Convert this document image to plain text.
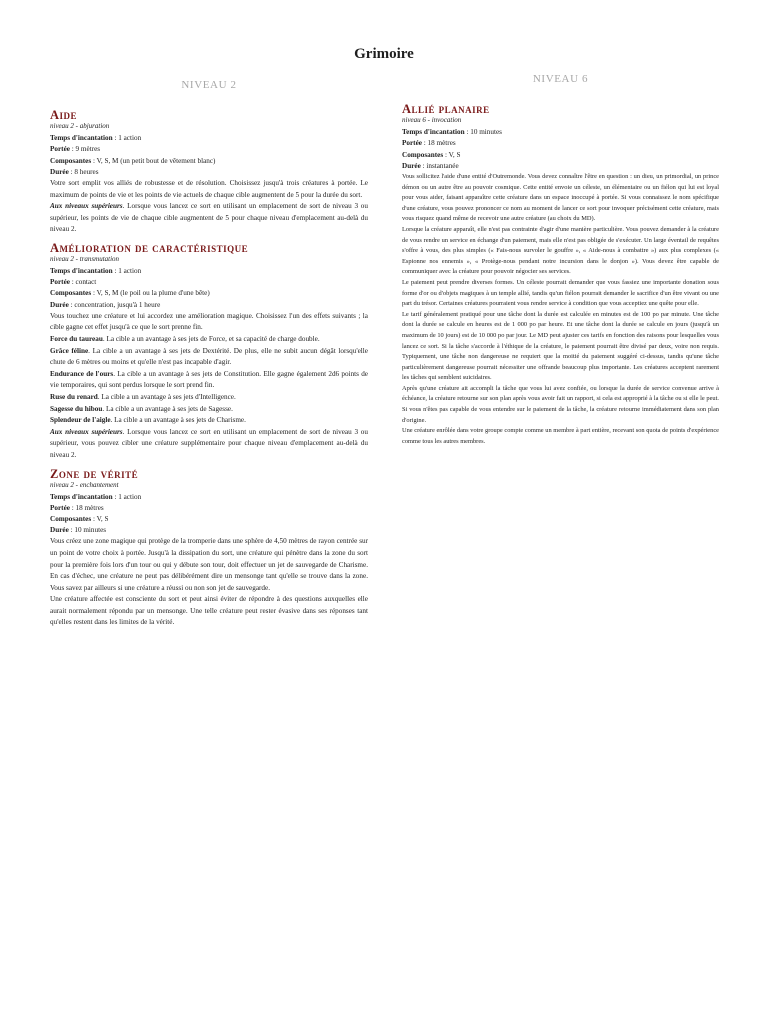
Grimoire
NIVEAU 2
Aide
niveau 2 - abjuration
Temps d'incantation : 1 action
Portée : 9 mètres
Composantes : V, S, M (un petit bout de vêtement blanc)
Durée : 8 heures

Votre sort emplit vos alliés de robustesse et de résolution. Choisissez jusqu'à trois créatures à portée. Le maximum de points de vie et les points de vie actuels de chaque cible augmentent de 5 pour la durée du sort.

Aux niveaux supérieurs. Lorsque vous lancez ce sort en utilisant un emplacement de sort de niveau 3 ou supérieur, les points de vie de chaque cible augmentent de 5 pour chaque niveau d'emplacement au-delà du niveau 2.

Amélioration de caractéristique
niveau 2 - transmutation
Temps d'incantation : 1 action
Portée : contact
Composantes : V, S, M (le poil ou la plume d'une bête)
Durée : concentration, jusqu'à 1 heure

Vous touchez une créature et lui accordez une amélioration magique. Choisissez l'un des effets suivants ; la cible gagne cet effet jusqu'à ce que le sort prenne fin.

Force du taureau. La cible a un avantage à ses jets de Force, et sa capacité de charge double.

Grâce féline. La cible a un avantage à ses jets de Dextérité. De plus, elle ne subit aucun dégât lorsqu'elle chute de 6 mètres ou moins et qu'elle n'est pas incapable d'agir.

Endurance de l'ours. La cible a un avantage à ses jets de Constitution. Elle gagne également 2d6 points de vie temporaires, qui sont perdus lorsque le sort prend fin.

Ruse du renard. La cible a un avantage à ses jets d'Intelligence.

Sagesse du hibou. La cible a un avantage à ses jets de Sagesse.

Splendeur de l'aigle. La cible a un avantage à ses jets de Charisme.

Aux niveaux supérieurs. Lorsque vous lancez ce sort en utilisant un emplacement de sort de niveau 3 ou supérieur, vous pouvez cibler une créature supplémentaire pour chaque niveau d'emplacement au-delà du niveau 2.

Zone de vérité
niveau 2 - enchantement
Temps d'incantation : 1 action
Portée : 18 mètres
Composantes : V, S
Durée : 10 minutes

Vous créez une zone magique qui protège de la tromperie dans une sphère de 4,50 mètres de rayon centrée sur un point de votre choix à portée. Jusqu'à la dissipation du sort, une créature qui pénètre dans la zone du sort pour la première fois lors d'un tour ou qui y débute son tour, doit effectuer un jet de sauvegarde de Charisme. En cas d'échec, une créature ne peut pas délibérément dire un mensonge tant qu'elle se trouve dans la zone. Vous savez par ailleurs si une créature a réussi ou non son jet de sauvegarde.

Une créature affectée est consciente du sort et peut ainsi éviter de répondre à des questions auxquelles elle aurait normalement répondu par un mensonge. Une telle créature peut rester évasive dans ses réponses tant qu'elles restent dans les limites de la vérité.

NIVEAU 6
Allié planaire
niveau 6 - invocation
Temps d'incantation : 10 minutes
Portée : 18 mètres
Composantes : V, S
Durée : instantanée

Vous sollicitez l'aide d'une entité d'Outremonde. Vous devez connaître l'être en question : un dieu, un primordial, un prince démon ou un autre être au pouvoir cosmique. Cette entité envoie un céleste, un élémentaire ou un fiélon qui lui est loyal pour vous aider, faisant apparaître cette créature dans un espace inoccupé à portée. Si vous connaissez le nom spécifique d'une créature, vous pouvez prononcer ce nom au moment de lancer ce sort pour invoquer précisément cette créature, mais vous risquez quand même de recevoir une autre créature (au choix du MD).

Lorsque la créature apparaît, elle n'est pas contrainte d'agir d'une manière particulière. Vous pouvez demander à la créature de vous rendre un service en échange d'un paiement, mais elle n'est pas obligée de s'exécuter. Un large éventail de requêtes s'offre à vous, des plus simples (« Fais-nous survoler le gouffre », « Aide-nous à combattre ») aux plus complexes (« Espionne nos ennemis », « Protège-nous pendant notre incursion dans le donjon »). Vous devez être capable de communiquer avec la créature pour pouvoir négocier ses services.

Le paiement peut prendre diverses formes. Un céleste pourrait demander que vous fassiez une importante donation sous forme d'or ou d'objets magiques à un temple allié, tandis qu'un fiélon pourrait demander le sacrifice d'un être vivant ou une part du trésor. Certaines créatures pourraient vous rendre service à condition que vous acceptiez une quête pour elle.

Le tarif généralement pratiqué pour une tâche dont la durée est calculée en minutes est de 100 po par minute. Une tâche dont la durée se calcule en heures est de 1 000 po par heure. Et une tâche dont la durée se calcule en jours (jusqu'à un maximum de 10 jours) est de 10 000 po par jour. Le MD peut ajuster ces tarifs en fonction des raisons pour lesquelles vous lancez ce sort. Si la tâche s'accorde à l'éthique de la créature, le paiement pourrait être divisé par deux, voire non requis. Typiquement, une tâche non dangereuse ne requiert que la moitié du paiement suggéré ci-dessus, tandis qu'une tâche particulièrement dangereuse pourrait nécessiter une offrande beaucoup plus importante. Les créatures acceptent rarement les tâches qui semblent suicidaires.

Après qu'une créature ait accompli la tâche que vous lui avez confiée, ou lorsque la durée de service convenue arrive à échéance, la créature retourne sur son plan après vous avoir fait un rapport, si cela est approprié à la tâche ou si elle le peut. Si vous n'êtes pas capable de vous entendre sur le paiement de la tâche, la créature retourne immédiatement dans son plan d'origine.

Une créature enrôlée dans votre groupe compte comme un membre à part entière, recevant son quota de points d'expérience comme tous les autres membres.
